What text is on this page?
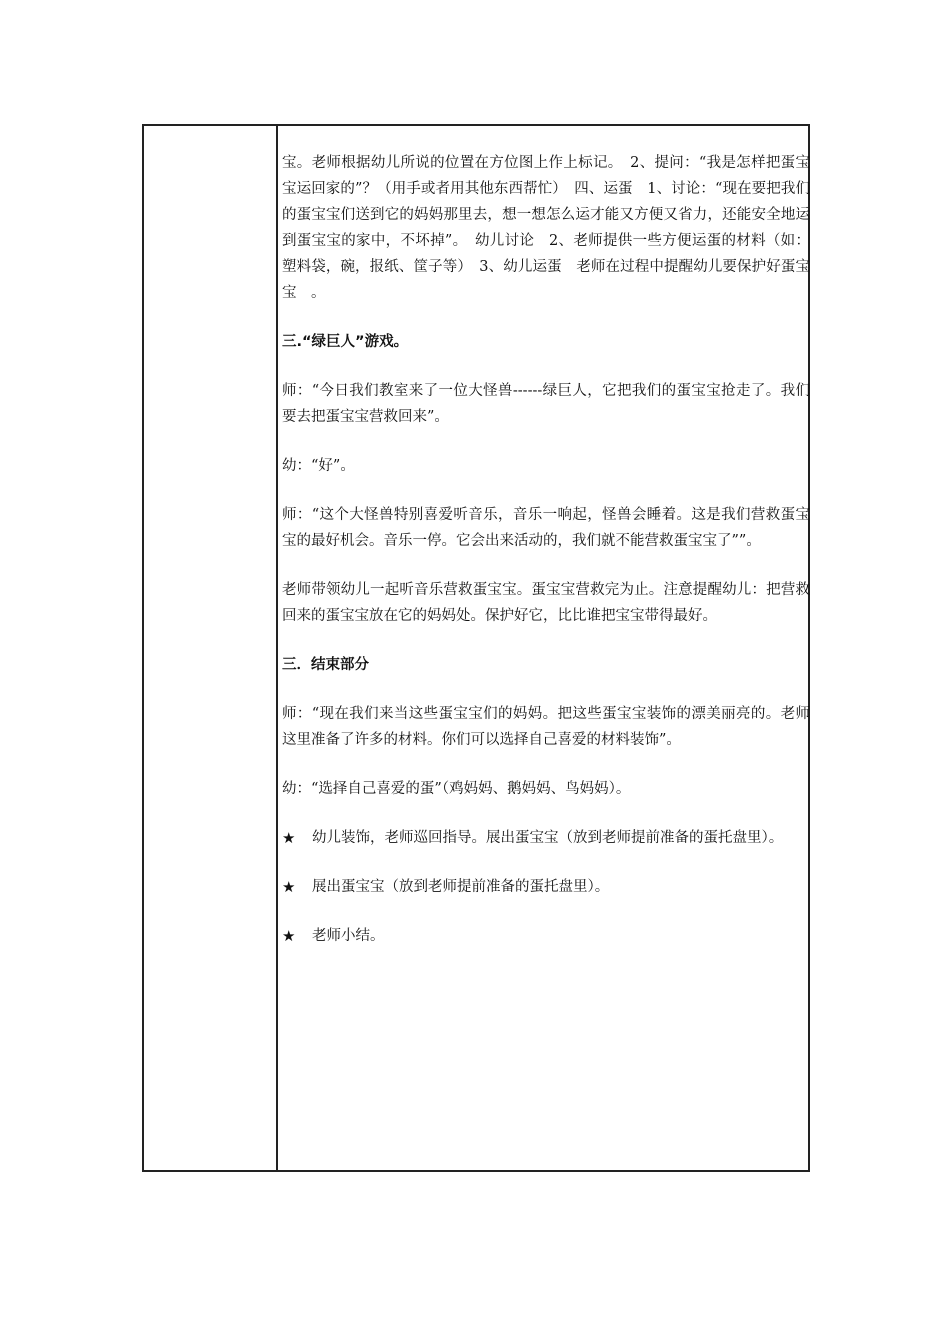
宝。老师根据幼儿所说的位置在方位图上作上标记。　2、提问：“我是怎样把蛋宝宝运回家的”？（用手或者用其他东西帮忙）　四、运蛋　1、讨论：“现在要把我们的蛋宝宝们送到它的妈妈那里去，想一想怎么运才能又方便又省力，还能安全地运到蛋宝宝的家中，不坏掉”。　幼儿讨论　2、老师提供一些方便运蛋的材料（如：塑料袋，碗，报纸、筐子等）　3、幼儿运蛋　老师在过程中提醒幼儿要保护好蛋宝宝　。

三.“绿巨人”游戏。

师：“今日我们教室来了一位大怪兽------绿巨人，它把我们的蛋宝宝抢走了。我们要去把蛋宝宝营救回来”。

幼：“好”。

师：“这个大怪兽特别喜爱听音乐，音乐一响起，怪兽会睡着。这是我们营救蛋宝宝的最好机会。音乐一停。它会出来活动的，我们就不能营救蛋宝宝了””。

老师带领幼儿一起听音乐营救蛋宝宝。蛋宝宝营救完为止。注意提醒幼儿：把营救回来的蛋宝宝放在它的妈妈处。保护好它，比比谁把宝宝带得最好。

三．结束部分

师：“现在我们来当这些蛋宝宝们的妈妈。把这些蛋宝宝装饰的漂美丽亮的。老师这里准备了许多的材料。你们可以选择自己喜爱的材料装饰”。

幼：“选择自己喜爱的蛋”（鸡妈妈、鹅妈妈、鸟妈妈）。

★	幼儿装饰，老师巡回指导。展出蛋宝宝（放到老师提前准备的蛋托盘里）。
★	展出蛋宝宝（放到老师提前准备的蛋托盘里）。
★	老师小结。
